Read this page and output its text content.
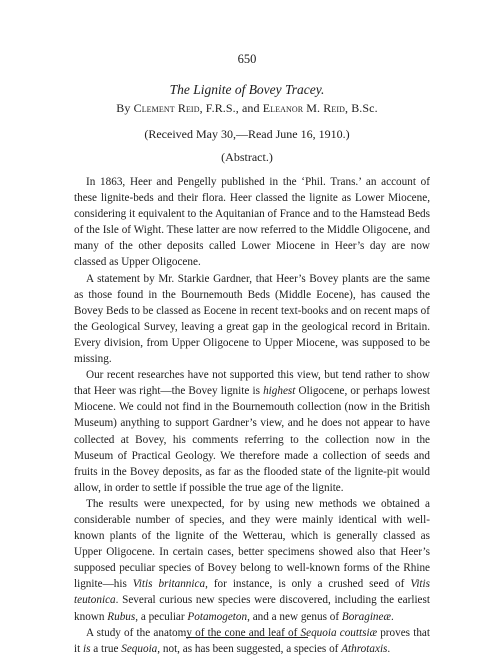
650
The Lignite of Bovey Tracey.
By Clement Reid, F.R.S., and Eleanor M. Reid, B.Sc.
(Received May 30,—Read June 16, 1910.)
(Abstract.)

In 1863, Heer and Pengelly published in the ‘Phil. Trans.’ an account of these lignite-beds and their flora. Heer classed the lignite as Lower Miocene, considering it equivalent to the Aquitanian of France and to the Hamstead Beds of the Isle of Wight. These latter are now referred to the Middle Oligocene, and many of the other deposits called Lower Miocene in Heer’s day are now classed as Upper Oligocene.

A statement by Mr. Starkie Gardner, that Heer’s Bovey plants are the same as those found in the Bournemouth Beds (Middle Eocene), has caused the Bovey Beds to be classed as Eocene in recent text-books and on recent maps of the Geological Survey, leaving a great gap in the geological record in Britain. Every division, from Upper Oligocene to Upper Miocene, was supposed to be missing.

Our recent researches have not supported this view, but tend rather to show that Heer was right—the Bovey lignite is highest Oligocene, or perhaps lowest Miocene. We could not find in the Bournemouth collection (now in the British Museum) anything to support Gardner’s view, and he does not appear to have collected at Bovey, his comments referring to the collection now in the Museum of Practical Geology. We therefore made a collection of seeds and fruits in the Bovey deposits, as far as the flooded state of the lignite-pit would allow, in order to settle if possible the true age of the lignite.

The results were unexpected, for by using new methods we obtained a considerable number of species, and they were mainly identical with well-known plants of the lignite of the Wetterau, which is generally classed as Upper Oligocene. In certain cases, better specimens showed also that Heer’s supposed peculiar species of Bovey belong to well-known forms of the Rhine lignite—his Vitis britannica, for instance, is only a crushed seed of Vitis teutonica. Several curious new species were discovered, including the earliest known Rubus, a peculiar Potamogeton, and a new genus of Boragineæ.

A study of the anatomy of the cone and leaf of Sequoia couttsiæ proves that it is a true Sequoia, not, as has been suggested, a species of Athrotaxis.
